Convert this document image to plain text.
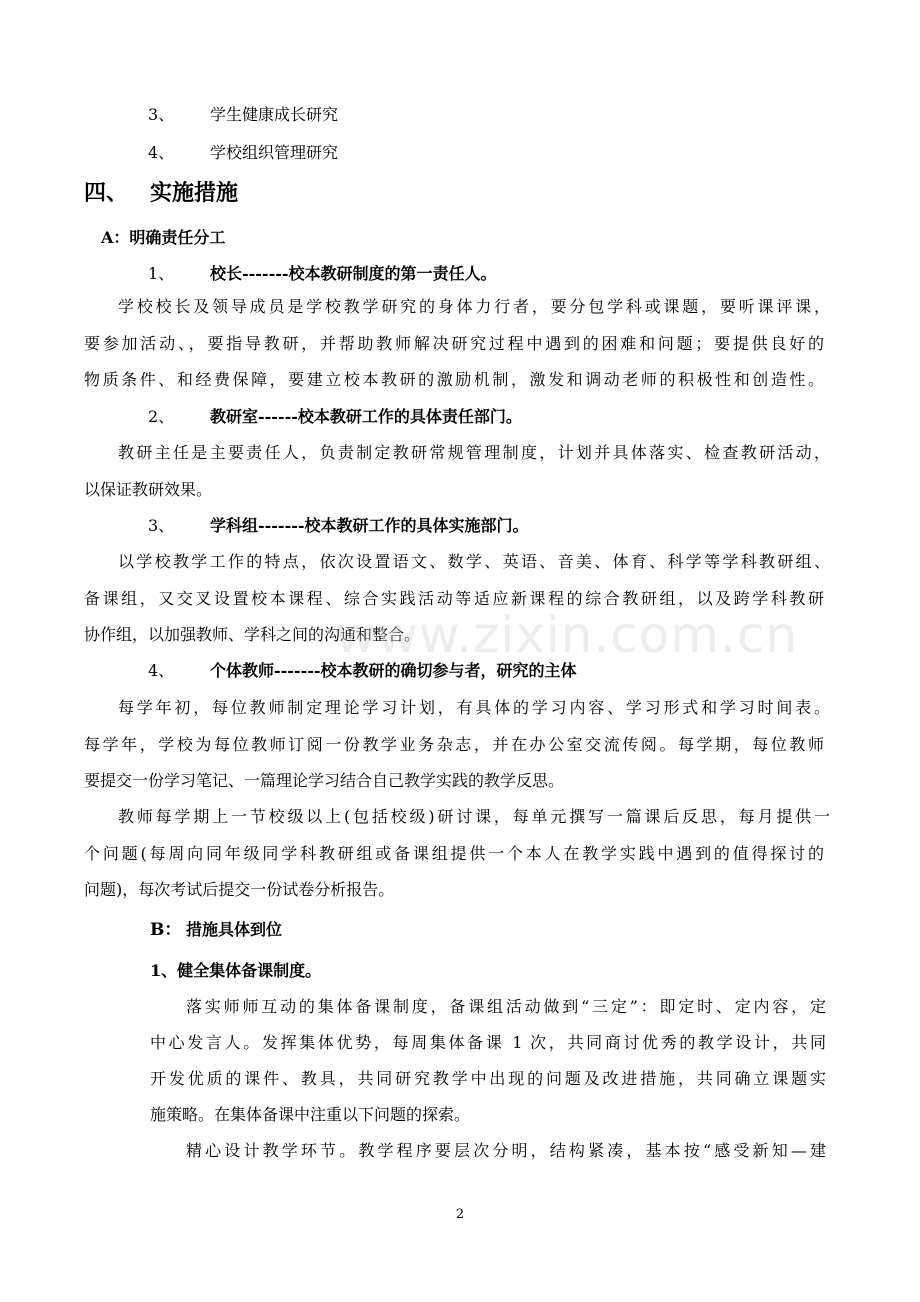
3、 学生健康成长研究
4、 学校组织管理研究
四、 实施措施
A：明确责任分工
1、 校长-------校本教研制度的第一责任人。
学校校长及领导成员是学校教学研究的身体力行者，要分包学科或课题，要听课评课，
要参加活动、，要指导教研，并帮助教师解决研究过程中遇到的困难和问题；要提供良好的
物质条件、和经费保障，要建立校本教研的激励机制，激发和调动老师的积极性和创造性。
2、 教研室------校本教研工作的具体责任部门。
教研主任是主要责任人，负责制定教研常规管理制度，计划并具体落实、检查教研活动，
以保证教研效果。
3、 学科组-------校本教研工作的具体实施部门。
以学校教学工作的特点，依次设置语文、数学、英语、音美、体育、科学等学科教研组、
备课组，又交叉设置校本课程、综合实践活动等适应新课程的综合教研组，以及跨学科教研
协作组，以加强教师、学科之间的沟通和整合。
4、 个体教师-------校本教研的确切参与者，研究的主体
每学年初，每位教师制定理论学习计划，有具体的学习内容、学习形式和学习时间表。
每学年，学校为每位教师订阅一份教学业务杂志，并在办公室交流传阅。每学期，每位教师
要提交一份学习笔记、一篇理论学习结合自己教学实践的教学反思。
教师每学期上一节校级以上(包括校级)研讨课，每单元撰写一篇课后反思，每月提供一
个问题(每周向同年级同学科教研组或备课组提供一个本人在教学实践中遇到的值得探讨的
问题)，每次考试后提交一份试卷分析报告。
B： 措施具体到位
1、健全集体备课制度。
落实师师互动的集体备课制度，备课组活动做到“三定”：即定时、定内容，定
中心发言人。发挥集体优势，每周集体备课 1 次，共同商讨优秀的教学设计，共同
开发优质的课件、教具，共同研究教学中出现的问题及改进措施，共同确立课题实
施策略。在集体备课中注重以下问题的探索。
精心设计教学环节。教学程序要层次分明，结构紧凑，基本按“感受新知—建
www.zixin.com.cn
2
